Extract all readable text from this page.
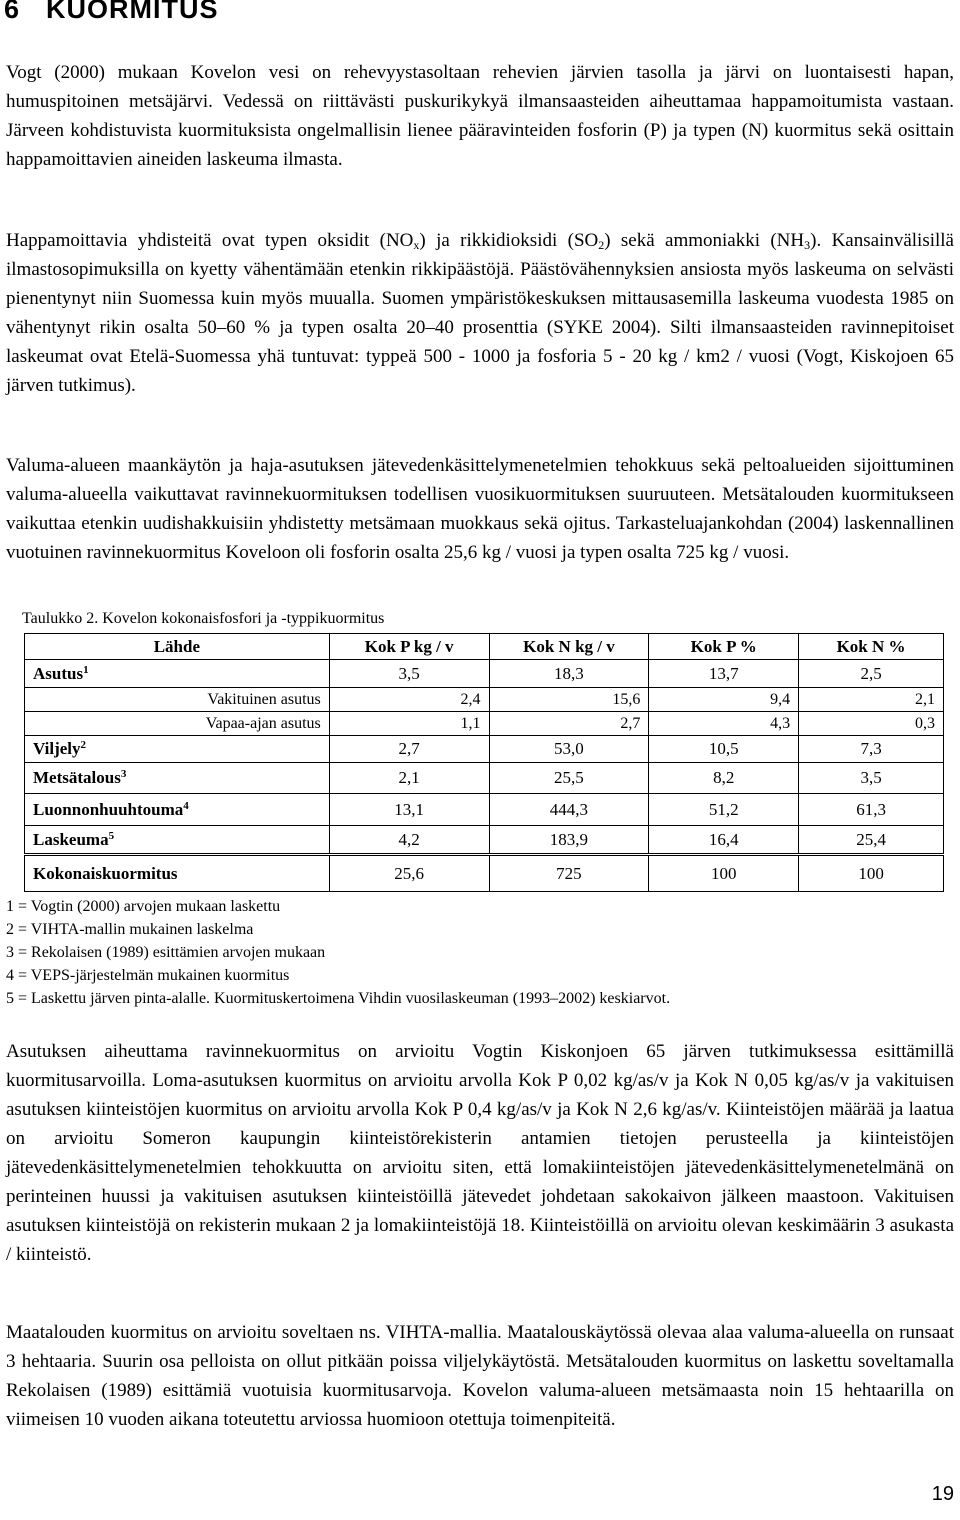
6 KUORMITUS

Vogt (2000) mukaan Kovelon vesi on rehevyystasoltaan rehevien järvien tasolla ja järvi on luontaisesti hapan, humuspitoinen metsäjärvi. Vedessä on riittävästi puskurikykyä ilmansaasteiden aiheuttamaa happamoitumista vastaan. Järveen kohdistuvista kuormituksista ongelmallisin lienee pääravinteiden fosforin (P) ja typen (N) kuormitus sekä osittain happamoittavien aineiden laskeuma ilmasta.

Happamoittavia yhdisteitä ovat typen oksidit $(NO_x)$ ja rikkidioksidi $(SO_2)$ sekä ammoniakki $(NH_3)$. Kansainvälisillä ilmastosopimuksilla on kyetty vähentämään etenkin rikkipäästöjä. Päästövähennyksien ansiosta myös laskeuma on selvästi pienentynyt niin Suomessa kuin myös muualla. Suomen ympäristökeskuksen mittausasemilla laskeuma vuodesta 1985 on vähentynyt rikin osalta 50–60 % ja typen osalta 20–40 prosenttia (SYKE 2004). Silti ilmansaasteiden ravinnepitoiset laskeumat ovat Etelä-Suomessa yhä tuntuvat: typpeä 500 - 1000 ja fosforia 5 - 20 kg / km2 / vuosi (Vogt, Kiskojoen 65 järven tutkimus).

Valuma-alueen maankäytön ja haja-asutuksen jätevedenkäsittelymenetelmien tehokkuus sekä peltoalueiden sijoittuminen valuma-alueella vaikuttavat ravinnekuormituksen todellisen vuosikuormituksen suuruuteen. Metsätalouden kuormitukseen vaikuttaa etenkin uudishakkuisiin yhdistetty metsämaan muokkaus sekä ojitus. Tarkasteluajankohdan (2004) laskennallinen vuotuinen ravinnekuormitus Koveloon oli fosforin osalta 25,6 kg / vuosi ja typen osalta 725 kg / vuosi.

Taulukko 2. Kovelon kokonaisfosfori ja -typpikuormitus
Lähde	Kok P kg / v	Kok N kg / v	Kok P %	Kok N %
Asutus$^1$	3,5	18,3	13,7	2,5
Vakituinen asutus	2,4	15,6	9,4	2,1
Vapaa-ajan asutus	1,1	2,7	4,3	0,3
Viljely$^2$	2,7	53,0	10,5	7,3
Metsätalous$^3$	2,1	25,5	8,2	3,5
Luonnonhuuhtouma$^4$	13,1	444,3	51,2	61,3
Laskeuma$^5$	4,2	183,9	16,4	25,4
Kokonaiskuormitus	25,6	725	100	100
1 = Vogtin (2000) arvojen mukaan laskettu
2 = VIHTA-mallin mukainen laskelma
3 = Rekolaisen (1989) esittämien arvojen mukaan
4 = VEPS-järjestelmän mukainen kuormitus
5 = Laskettu järven pinta-alalle. Kuormituskertoimena Vihdin vuosilaskeuman (1993–2002) keskiarvot.

Asutuksen aiheuttama ravinnekuormitus on arvioitu Vogtin Kiskonjoen 65 järven tutkimuksessa esittämillä kuormitusarvoilla. Loma-asutuksen kuormitus on arvioitu arvolla Kok P 0,02 kg/as/v ja Kok N 0,05 kg/as/v ja vakituisen asutuksen kiinteistöjen kuormitus on arvioitu arvolla Kok P 0,4 kg/as/v ja Kok N 2,6 kg/as/v. Kiinteistöjen määrää ja laatua on arvioitu Someron kaupungin kiinteistörekisterin antamien tietojen perusteella ja kiinteistöjen jätevedenkäsittelymenetelmien tehokkuutta on arvioitu siten, että lomakiinteistöjen jätevedenkäsittelymenetelmänä on perinteinen huussi ja vakituisen asutuksen kiinteistöillä jätevedet johdetaan sakokaivon jälkeen maastoon. Vakituisen asutuksen kiinteistöjä on rekisterin mukaan 2 ja lomakiinteistöjä 18. Kiinteistöillä on arvioitu olevan keskimäärin 3 asukasta / kiinteistö.

Maatalouden kuormitus on arvioitu soveltaen ns. VIHTA-mallia. Maatalouskäytössä olevaa alaa valuma-alueella on runsaat 3 hehtaaria. Suurin osa pelloista on ollut pitkään poissa viljelykäytöstä. Metsätalouden kuormitus on laskettu soveltamalla Rekolaisen (1989) esittämiä vuotuisia kuormitusarvoja. Kovelon valuma-alueen metsämaasta noin 15 hehtaarilla on viimeisen 10 vuoden aikana toteutettu arviossa huomioon otettuja toimenpiteitä.

19
